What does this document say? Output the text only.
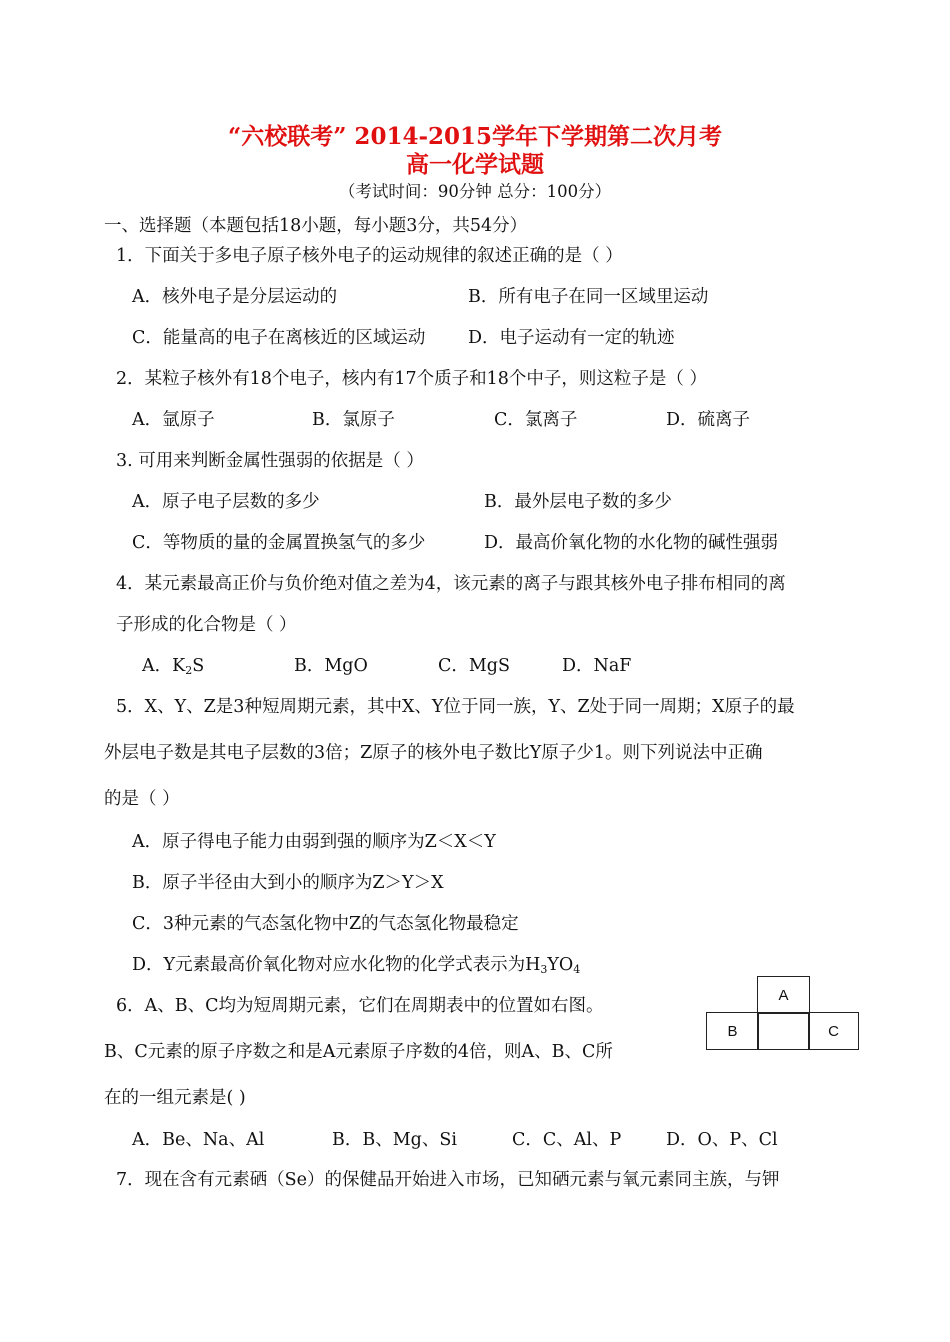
“六校联考” 2014-2015学年下学期第二次月考
高一化学试题
（考试时间：90分钟 总分：100分）
一、选择题（本题包括18小题，每小题3分，共54分）
1．下面关于多电子原子核外电子的运动规律的叙述正确的是（ ）
A．核外电子是分层运动的	B．所有电子在同一区域里运动
C．能量高的电子在离核近的区域运动 D．电子运动有一定的轨迹
2．某粒子核外有18个电子，核内有17个质子和18个中子，则这粒子是（ ）
A．氩原子	B．氯原子	C．氯离子	D．硫离子
3. 可用来判断金属性强弱的依据是（ ）
A．原子电子层数的多少	B．最外层电子数的多少
C．等物质的量的金属置换氢气的多少	D．最高价氧化物的水化物的碱性强弱
4．某元素最高正价与负价绝对值之差为4，该元素的离子与跟其核外电子排布相同的离
子形成的化合物是（ ）
A．$K_2S$	B．MgO	C．MgS	D．NaF
5．X、Y、Z是3种短周期元素，其中X、Y位于同一族，Y、Z处于同一周期；X原子的最
外层电子数是其电子层数的3倍；Z原子的核外电子数比Y原子少1。则下列说法中正确
的是（ ）
A．原子得电子能力由弱到强的顺序为Z＜X＜Y
B．原子半径由大到小的顺序为Z＞Y＞X
C．3种元素的气态氢化物中Z的气态氢化物最稳定
D．Y元素最高价氧化物对应水化物的化学式表示为$H_3YO_4$
6．A、B、C均为短周期元素，它们在周期表中的位置如右图。
B、C元素的原子序数之和是A元素原子序数的4倍，则A、B、C所
在的一组元素是( )
A．Be、Na、Al	B．B、Mg、Si	C．C、Al、P	D．O、P、Cl
A
B	C
7．现在含有元素硒（Se）的保健品开始进入市场，已知硒元素与氧元素同主族，与钾
